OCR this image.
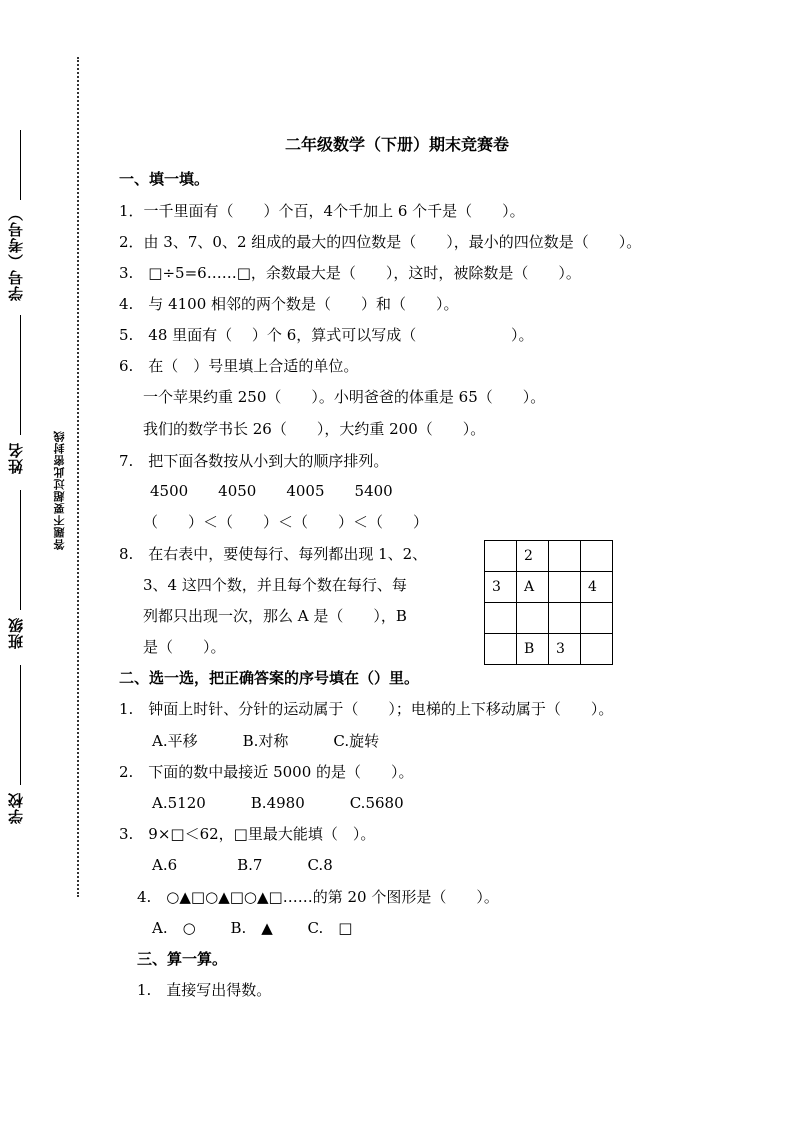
学号（考号）
姓名
班级
学校
答题不要超过此密封线
二年级数学（下册）期末竞赛卷
一、填一填。
1．一千里面有（　　）个百，4个千加上 6 个千是（　　）。
2．由 3、7、0、2 组成的最大的四位数是（　　），最小的四位数是（　　）。
3.　□÷5=6……□，余数最大是（　　），这时，被除数是（　　）。
4.　与 4100 相邻的两个数是（　　）和（　　）。
5.　48 里面有（　 ）个 6，算式可以写成（　　　　　　 ）。
6.　在（　）号里填上合适的单位。
一个苹果约重 250（　　）。小明爸爸的体重是 65（　　）。
我们的数学书长 26（　　），大约重 200（　　）。
7.　把下面各数按从小到大的顺序排列。
4500　　4050　　4005　　5400
（　　）＜（　　）＜（　　）＜（　　）
8.　在右表中，要使每行、每列都出现 1、2、
3、4 这四个数，并且每个数在每行、每
列都只出现一次，那么 A 是（　　），B
是（　　）。
	2		
3	A		4

	B	3	
二、选一选，把正确答案的序号填在（）里。
1.　钟面上时针、分针的运动属于（　　）；电梯的上下移动属于（　　）。
A.平移　　　B.对称　　　C.旋转
2.　下面的数中最接近 5000 的是（　　）。
A.5120　　　B.4980　　　C.5680
3.　9×□＜62，□里最大能填（　）。
A.6　　　　B.7　　　C.8
4.　○▲□○▲□○▲□……的第 20 个图形是（　　）。
A.　○　　 B.　▲　　 C.　□
三、算一算。
1.　直接写出得数。
